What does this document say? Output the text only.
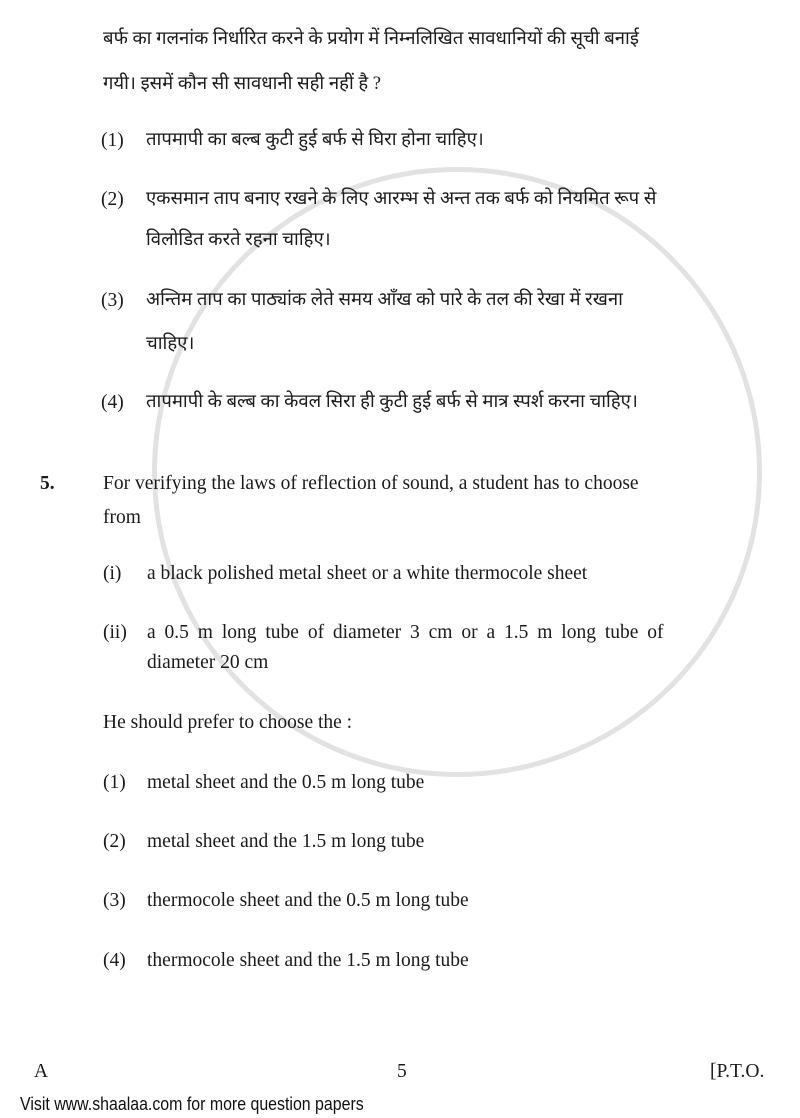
बर्फ का गलनांक निर्धारित करने के प्रयोग में निम्नलिखित सावधानियों की सूची बनाई
गयी। इसमें कौन सी सावधानी सही नहीं है ?
(1) तापमापी का बल्ब कुटी हुई बर्फ से घिरा होना चाहिए।
(2) एकसमान ताप बनाए रखने के लिए आरम्भ से अन्त तक बर्फ को नियमित रूप से
विलोडित करते रहना चाहिए।
(3) अन्तिम ताप का पाठ्यांक लेते समय आँख को पारे के तल की रेखा में रखना
चाहिए।
(4) तापमापी के बल्ब का केवल सिरा ही कुटी हुई बर्फ से मात्र स्पर्श करना चाहिए।
5. For verifying the laws of reflection of sound, a student has to choose
from
(i) a black polished metal sheet or a white thermocole sheet
(ii) a 0.5 m long tube of diameter 3 cm or a 1.5 m long tube of
diameter 20 cm
He should prefer to choose the :
(1) metal sheet and the 0.5 m long tube
(2) metal sheet and the 1.5 m long tube
(3) thermocole sheet and the 0.5 m long tube
(4) thermocole sheet and the 1.5 m long tube
A	5	[P.T.O.
Visit www.shaalaa.com for more question papers
